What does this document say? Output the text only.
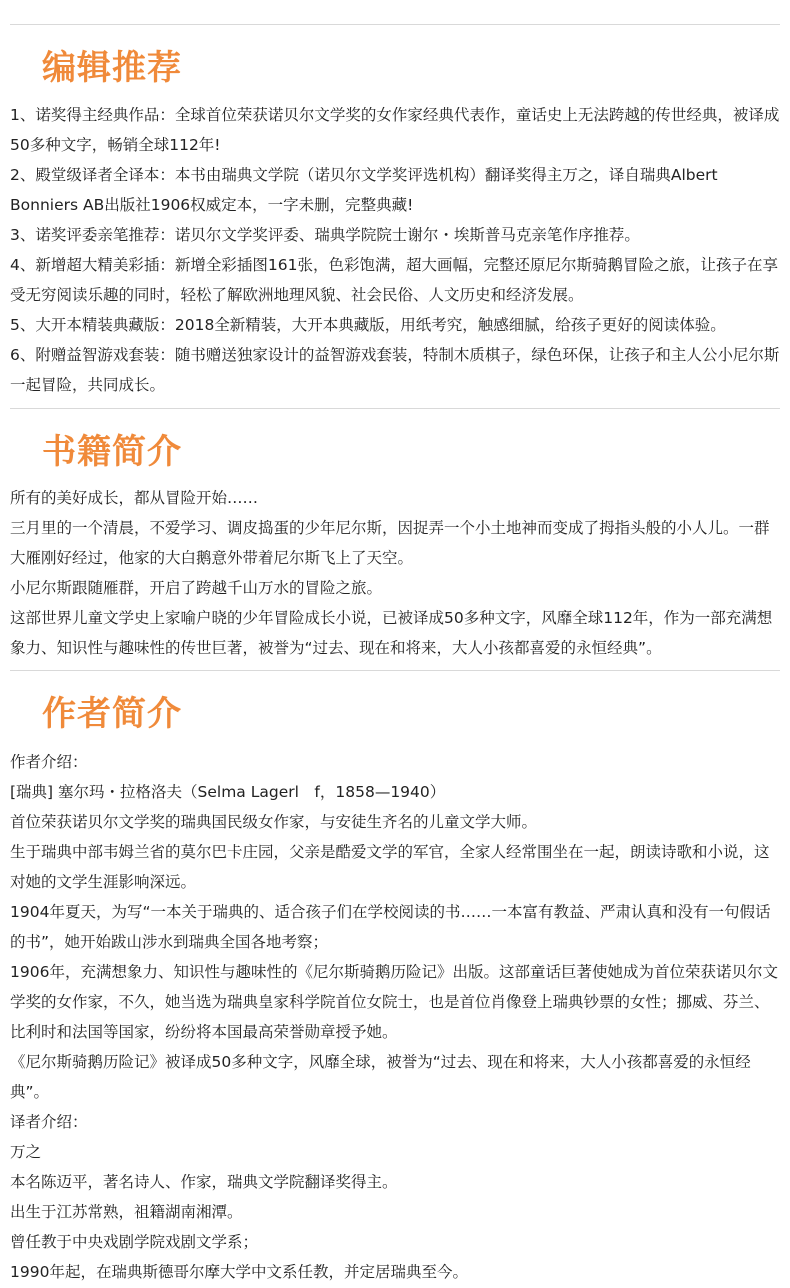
编辑推荐

1、诺奖得主经典作品：全球首位荣获诺贝尔文学奖的女作家经典代表作，童话史上无法跨越的传世经典，被译成50多种文字，畅销全球112年!

2、殿堂级译者全译本：本书由瑞典文学院（诺贝尔文学奖评选机构）翻译奖得主万之，译自瑞典Albert Bonniers AB出版社1906权威定本，一字未删，完整典藏!

3、诺奖评委亲笔推荐：诺贝尔文学奖评委、瑞典学院院士谢尔・埃斯普马克亲笔作序推荐。

4、新增超大精美彩插：新增全彩插图161张，色彩饱满，超大画幅，完整还原尼尔斯骑鹅冒险之旅，让孩子在享受无穷阅读乐趣的同时，轻松了解欧洲地理风貌、社会民俗、人文历史和经济发展。

5、大开本精装典藏版：2018全新精装，大开本典藏版，用纸考究，触感细腻，给孩子更好的阅读体验。

6、附赠益智游戏套装：随书赠送独家设计的益智游戏套装，特制木质棋子，绿色环保，让孩子和主人公小尼尔斯一起冒险，共同成长。

书籍简介

所有的美好成长，都从冒险开始……

三月里的一个清晨，不爱学习、调皮捣蛋的少年尼尔斯，因捉弄一个小土地神而变成了拇指头般的小人儿。一群大雁刚好经过，他家的大白鹅意外带着尼尔斯飞上了天空。

小尼尔斯跟随雁群，开启了跨越千山万水的冒险之旅。

这部世界儿童文学史上家喻户晓的少年冒险成长小说，已被译成50多种文字，风靡全球112年，作为一部充满想象力、知识性与趣味性的传世巨著，被誉为“过去、现在和将来，大人小孩都喜爱的永恒经典”。

作者简介

作者介绍：

[瑞典] 塞尔玛・拉格洛夫（Selma Lagerl　f，1858—1940）

首位荣获诺贝尔文学奖的瑞典国民级女作家，与安徒生齐名的儿童文学大师。

生于瑞典中部韦姆兰省的莫尔巴卡庄园，父亲是酷爱文学的军官，全家人经常围坐在一起，朗读诗歌和小说，这对她的文学生涯影响深远。

1904年夏天，为写“一本关于瑞典的、适合孩子们在学校阅读的书……一本富有教益、严肃认真和没有一句假话的书”，她开始跋山涉水到瑞典全国各地考察；

1906年，充满想象力、知识性与趣味性的《尼尔斯骑鹅历险记》出版。这部童话巨著使她成为首位荣获诺贝尔文学奖的女作家，不久，她当选为瑞典皇家科学院首位女院士，也是首位肖像登上瑞典钞票的女性；挪威、芬兰、比利时和法国等国家，纷纷将本国最高荣誉勋章授予她。

《尼尔斯骑鹅历险记》被译成50多种文字，风靡全球，被誉为“过去、现在和将来，大人小孩都喜爱的永恒经典”。

译者介绍：

万之

本名陈迈平，著名诗人、作家，瑞典文学院翻译奖得主。

出生于江苏常熟，祖籍湖南湘潭。

曾任教于中央戏剧学院戏剧文学系；

1990年起，在瑞典斯德哥尔摩大学中文系任教，并定居瑞典至今。
